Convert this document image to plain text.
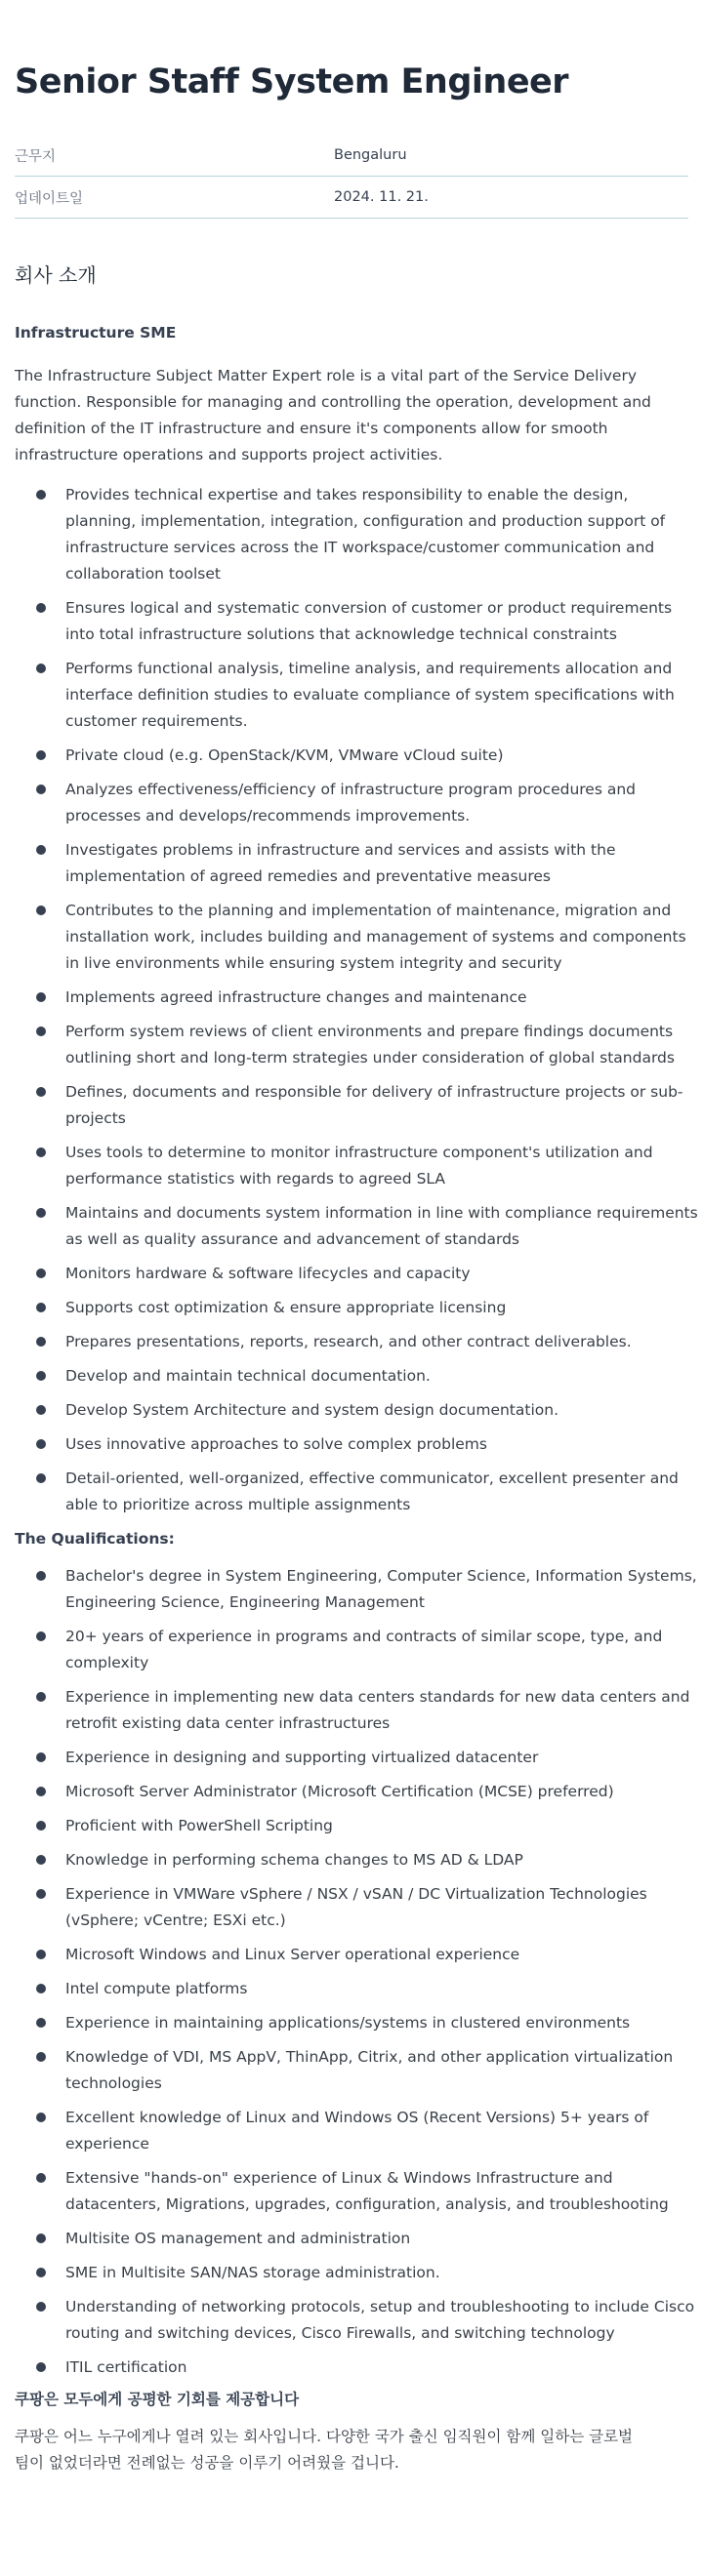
Senior Staff System Engineer
근무지	Bengaluru
업데이트일	2024. 11. 21.
회사 소개
Infrastructure SME

The Infrastructure Subject Matter Expert role is a vital part of the Service Delivery function. Responsible for managing and controlling the operation, development and definition of the IT infrastructure and ensure it's components allow for smooth infrastructure operations and supports project activities.

Provides technical expertise and takes responsibility to enable the design, planning, implementation, integration, configuration and production support of infrastructure services across the IT workspace/customer communication and collaboration toolset
Ensures logical and systematic conversion of customer or product requirements into total infrastructure solutions that acknowledge technical constraints
Performs functional analysis, timeline analysis, and requirements allocation and interface definition studies to evaluate compliance of system specifications with customer requirements.
Private cloud (e.g. OpenStack/KVM, VMware vCloud suite)
Analyzes effectiveness/efficiency of infrastructure program procedures and processes and develops/recommends improvements.
Investigates problems in infrastructure and services and assists with the implementation of agreed remedies and preventative measures
Contributes to the planning and implementation of maintenance, migration and installation work, includes building and management of systems and components in live environments while ensuring system integrity and security
Implements agreed infrastructure changes and maintenance
Perform system reviews of client environments and prepare findings documents outlining short and long-term strategies under consideration of global standards
Defines, documents and responsible for delivery of infrastructure projects or sub-projects
Uses tools to determine to monitor infrastructure component's utilization and performance statistics with regards to agreed SLA
Maintains and documents system information in line with compliance requirements as well as quality assurance and advancement of standards
Monitors hardware & software lifecycles and capacity
Supports cost optimization & ensure appropriate licensing
Prepares presentations, reports, research, and other contract deliverables.
Develop and maintain technical documentation.
Develop System Architecture and system design documentation.
Uses innovative approaches to solve complex problems
Detail-oriented, well-organized, effective communicator, excellent presenter and able to prioritize across multiple assignments
The Qualifications:
Bachelor's degree in System Engineering, Computer Science, Information Systems, Engineering Science, Engineering Management
20+ years of experience in programs and contracts of similar scope, type, and complexity
Experience in implementing new data centers standards for new data centers and retrofit existing data center infrastructures
Experience in designing and supporting virtualized datacenter
Microsoft Server Administrator (Microsoft Certification (MCSE) preferred)
Proficient with PowerShell Scripting
Knowledge in performing schema changes to MS AD & LDAP
Experience in VMWare vSphere / NSX / vSAN / DC Virtualization Technologies (vSphere; vCentre; ESXi etc.)
Microsoft Windows and Linux Server operational experience
Intel compute platforms
Experience in maintaining applications/systems in clustered environments
Knowledge of VDI, MS AppV, ThinApp, Citrix, and other application virtualization technologies
Excellent knowledge of Linux and Windows OS (Recent Versions) 5+ years of experience
Extensive "hands-on" experience of Linux & Windows Infrastructure and datacenters, Migrations, upgrades, configuration, analysis, and troubleshooting
Multisite OS management and administration
SME in Multisite SAN/NAS storage administration.
Understanding of networking protocols, setup and troubleshooting to include Cisco routing and switching devices, Cisco Firewalls, and switching technology
ITIL certification
쿠팡은 모두에게 공평한 기회를 제공합니다
쿠팡은 어느 누구에게나 열려 있는 회사입니다. 다양한 국가 출신 임직원이 함께 일하는 글로벌팀이 없었더라면 전례없는 성공을 이루기 어려웠을 겁니다.
